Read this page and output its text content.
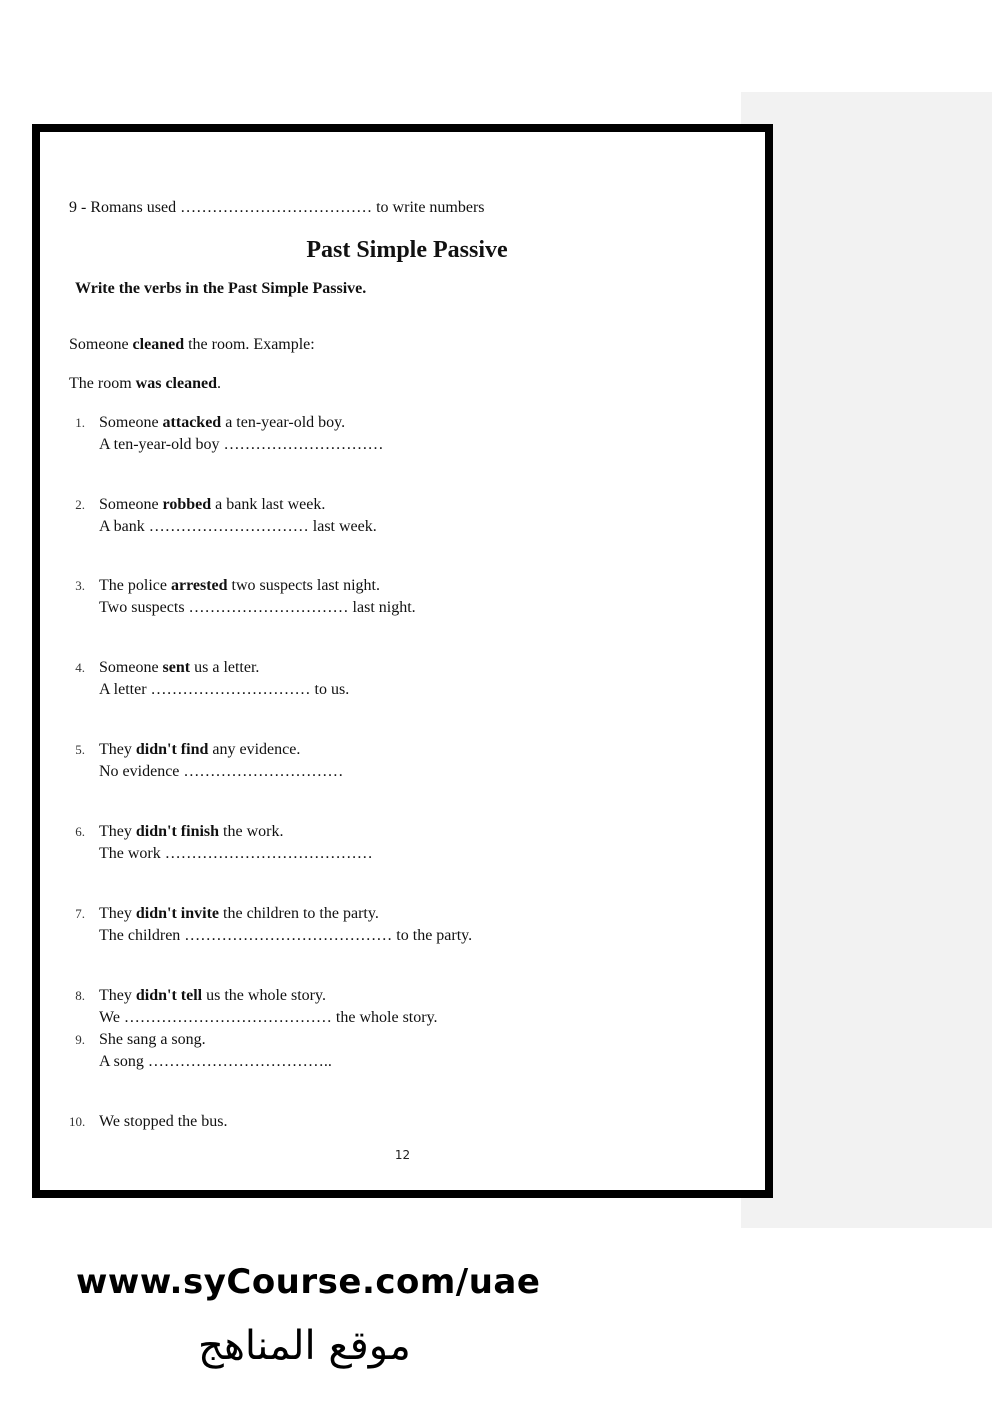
9 - Romans used ……………………………… to write numbers
Past Simple Passive
Write the verbs in the Past Simple Passive.
Someone cleaned the room. Example:
The room was cleaned.
1. Someone attacked a ten-year-old boy.
A ten-year-old boy …………………………
2. Someone robbed a bank last week.
A bank ………………………… last week.
3. The police arrested two suspects last night.
Two suspects ………………………… last night.
4. Someone sent us a letter.
A letter ………………………… to us.
5. They didn't find any evidence.
No evidence …………………………
6. They didn't finish the work.
The work …………………………………
7. They didn't invite the children to the party.
The children ………………………………… to the party.
8. They didn't tell us the whole story.
We ………………………………… the whole story.
9. She sang a song.
A song ……………………………..
10. We stopped the bus.
12
www.syCourse.com/uae
موقع المناهج
